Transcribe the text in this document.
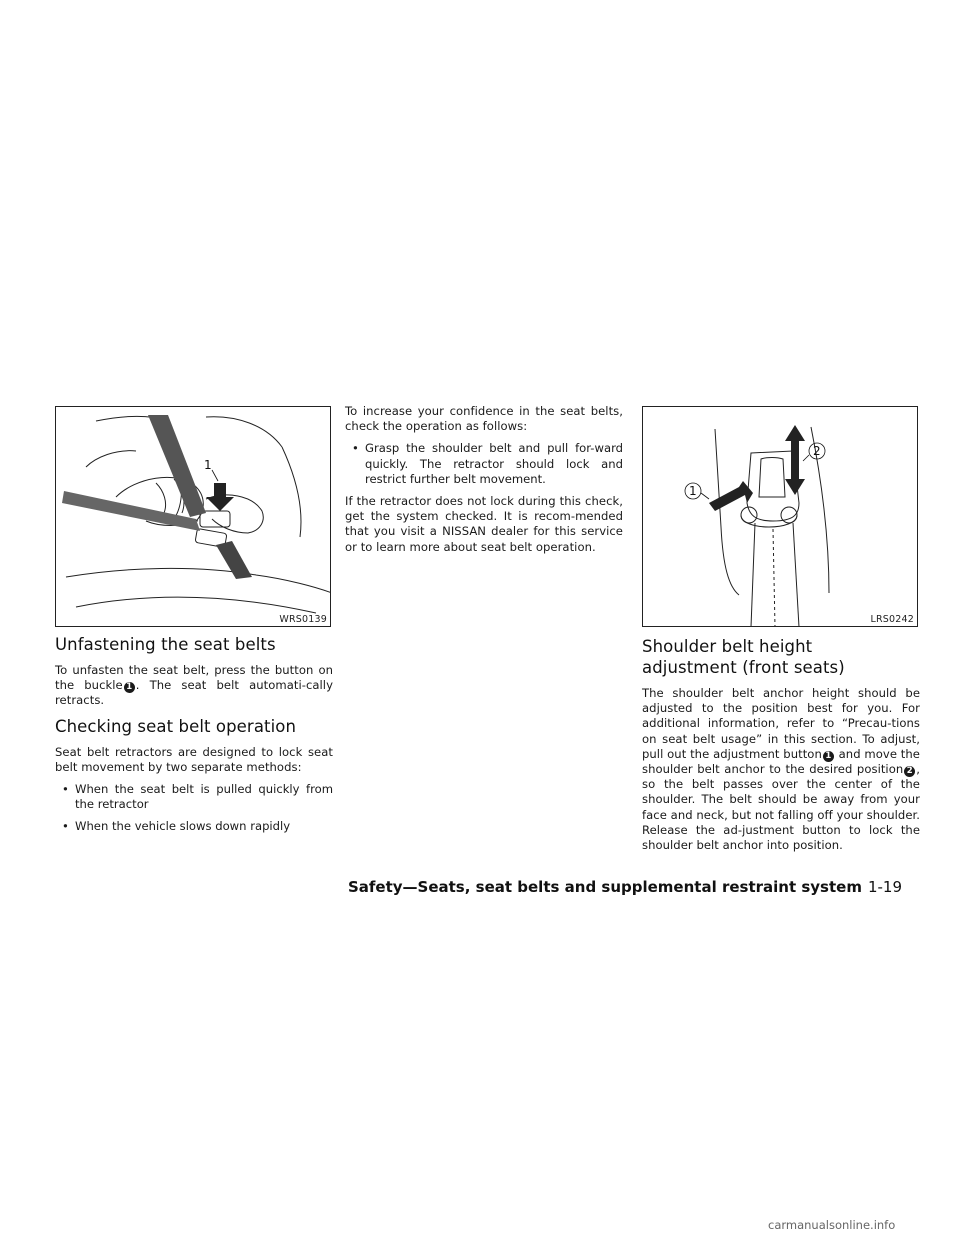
1
WRS0139
Unfastening the seat belts

To unfasten the seat belt, press the button on the buckle 1 . The seat belt automati-cally retracts.

Checking seat belt operation

Seat belt retractors are designed to lock seat belt movement by two separate methods:

• When the seat belt is pulled quickly from the retractor
• When the vehicle slows down rapidly

To increase your confidence in the seat belts, check the operation as follows:

• Grasp the shoulder belt and pull for-ward quickly. The retractor should lock and restrict further belt movement.

If the retractor does not lock during this check, get the system checked. It is recom-mended that you visit a NISSAN dealer for this service or to learn more about seat belt operation.

2
1
LRS0242
Shoulder belt height adjustment (front seats)

The shoulder belt anchor height should be adjusted to the position best for you. For additional information, refer to “Precau-tions on seat belt usage” in this section. To adjust, pull out the adjustment button 1 and move the shoulder belt anchor to the desired position 2 , so the belt passes over the center of the shoulder. The belt should be away from your face and neck, but not falling off your shoulder. Release the ad-justment button to lock the shoulder belt anchor into position.

Safety—Seats, seat belts and supplemental restraint system 1-19
carmanualsonline.info
